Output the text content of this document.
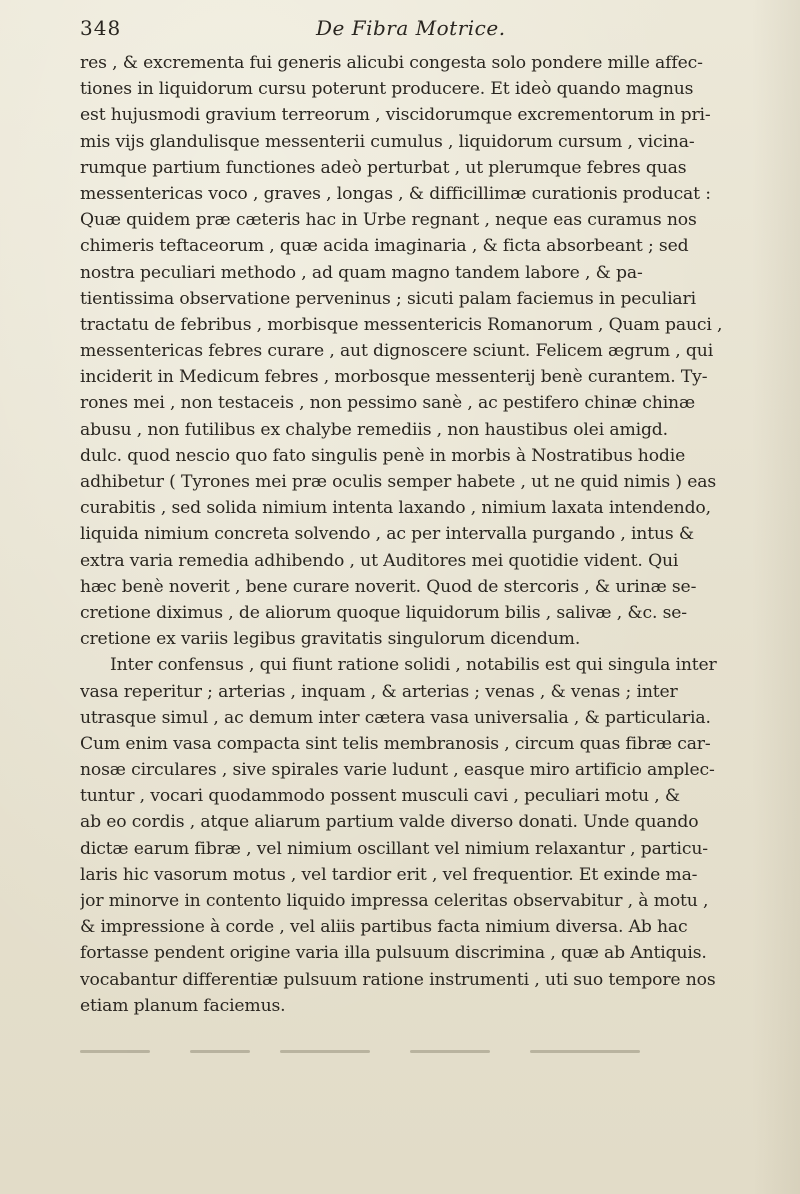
348	De Fibra Motrice.
res , & excrementa fui generis alicubi congesta solo pondere mille affec-
tiones in liquidorum cursu poterunt producere. Et ideò quando magnus
est hujusmodi gravium terreorum , viscidorumque excrementorum in pri-
mis vijs glandulisque messenterii cumulus , liquidorum cursum , vicina-
rumque partium functiones adeò perturbat , ut plerumque febres quas
messentericas voco , graves , longas , & difficillimæ curationis producat :
Quæ quidem præ cæteris hac in Urbe regnant , neque eas curamus nos
chimeris teftaceorum , quæ acida imaginaria , & ficta absorbeant ; sed
nostra peculiari methodo , ad quam magno tandem labore , & pa-
tientissima observatione perveninus ; sicuti palam faciemus in peculiari
tractatu de febribus , morbisque messentericis Romanorum , Quam pauci ,
messentericas febres curare , aut dignoscere sciunt. Felicem ægrum , qui
inciderit in Medicum febres , morbosque messenterij benè curantem. Ty-
rones mei , non testaceis , non pessimo sanè , ac pestifero chinæ chinæ
abusu , non futilibus ex chalybe remediis , non haustibus olei amigd.
dulc. quod nescio quo fato singulis penè in morbis à Nostratibus hodie
adhibetur ( Tyrones mei præ oculis semper habete , ut ne quid nimis ) eas
curabitis , sed solida nimium intenta laxando , nimium laxata intendendo,
liquida nimium concreta solvendo , ac per intervalla purgando , intus &
extra varia remedia adhibendo , ut Auditores mei quotidie vident. Qui
hæc benè noverit , bene curare noverit. Quod de stercoris , & urinæ se-
cretione diximus , de aliorum quoque liquidorum bilis , salivæ , &c. se-
cretione ex variis legibus gravitatis singulorum dicendum.
Inter confensus , qui fiunt ratione solidi , notabilis est qui singula inter
vasa reperitur ; arterias , inquam , & arterias ; venas , & venas ; inter
utrasque simul , ac demum inter cætera vasa universalia , & particularia.
Cum enim vasa compacta sint telis membranosis , circum quas fibræ car-
nosæ circulares , sive spirales varie ludunt , easque miro artificio amplec-
tuntur , vocari quodammodo possent musculi cavi , peculiari motu , &
ab eo cordis , atque aliarum partium valde diverso donati. Unde quando
dictæ earum fibræ , vel nimium oscillant vel nimium relaxantur , particu-
laris hic vasorum motus , vel tardior erit , vel frequentior. Et exinde ma-
jor minorve in contento liquido impressa celeritas observabitur , à motu ,
& impressione à corde , vel aliis partibus facta nimium diversa. Ab hac
fortasse pendent origine varia illa pulsuum discrimina , quæ ab Antiquis.
vocabantur differentiæ pulsuum ratione instrumenti , uti suo tempore nos
etiam planum faciemus.
